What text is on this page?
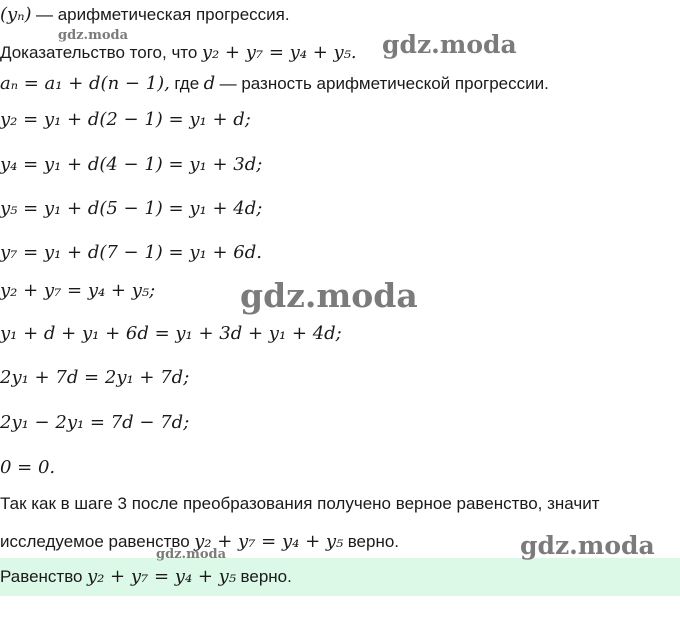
(yₙ) — арифметическая прогрессия.
Доказательство того, что y₂ + y₇ = y₄ + y₅.
aₙ = a₁ + d(n − 1), где d — разность арифметической прогрессии.
y₂ = y₁ + d(2 − 1) = y₁ + d;
y₄ = y₁ + d(4 − 1) = y₁ + 3d;
y₅ = y₁ + d(5 − 1) = y₁ + 4d;
y₇ = y₁ + d(7 − 1) = y₁ + 6d.
y₂ + y₇ = y₄ + y₅;
y₁ + d + y₁ + 6d = y₁ + 3d + y₁ + 4d;
2y₁ + 7d = 2y₁ + 7d;
2y₁ − 2y₁ = 7d − 7d;
0 = 0.
Так как в шаге 3 после преобразования получено верное равенство, значит
исследуемое равенство y₂ + y₇ = y₄ + y₅ верно.
Равенство y₂ + y₇ = y₄ + y₅ верно.
gdz.moda	gdz.moda
gdz.moda
gdz.moda	gdz.moda
